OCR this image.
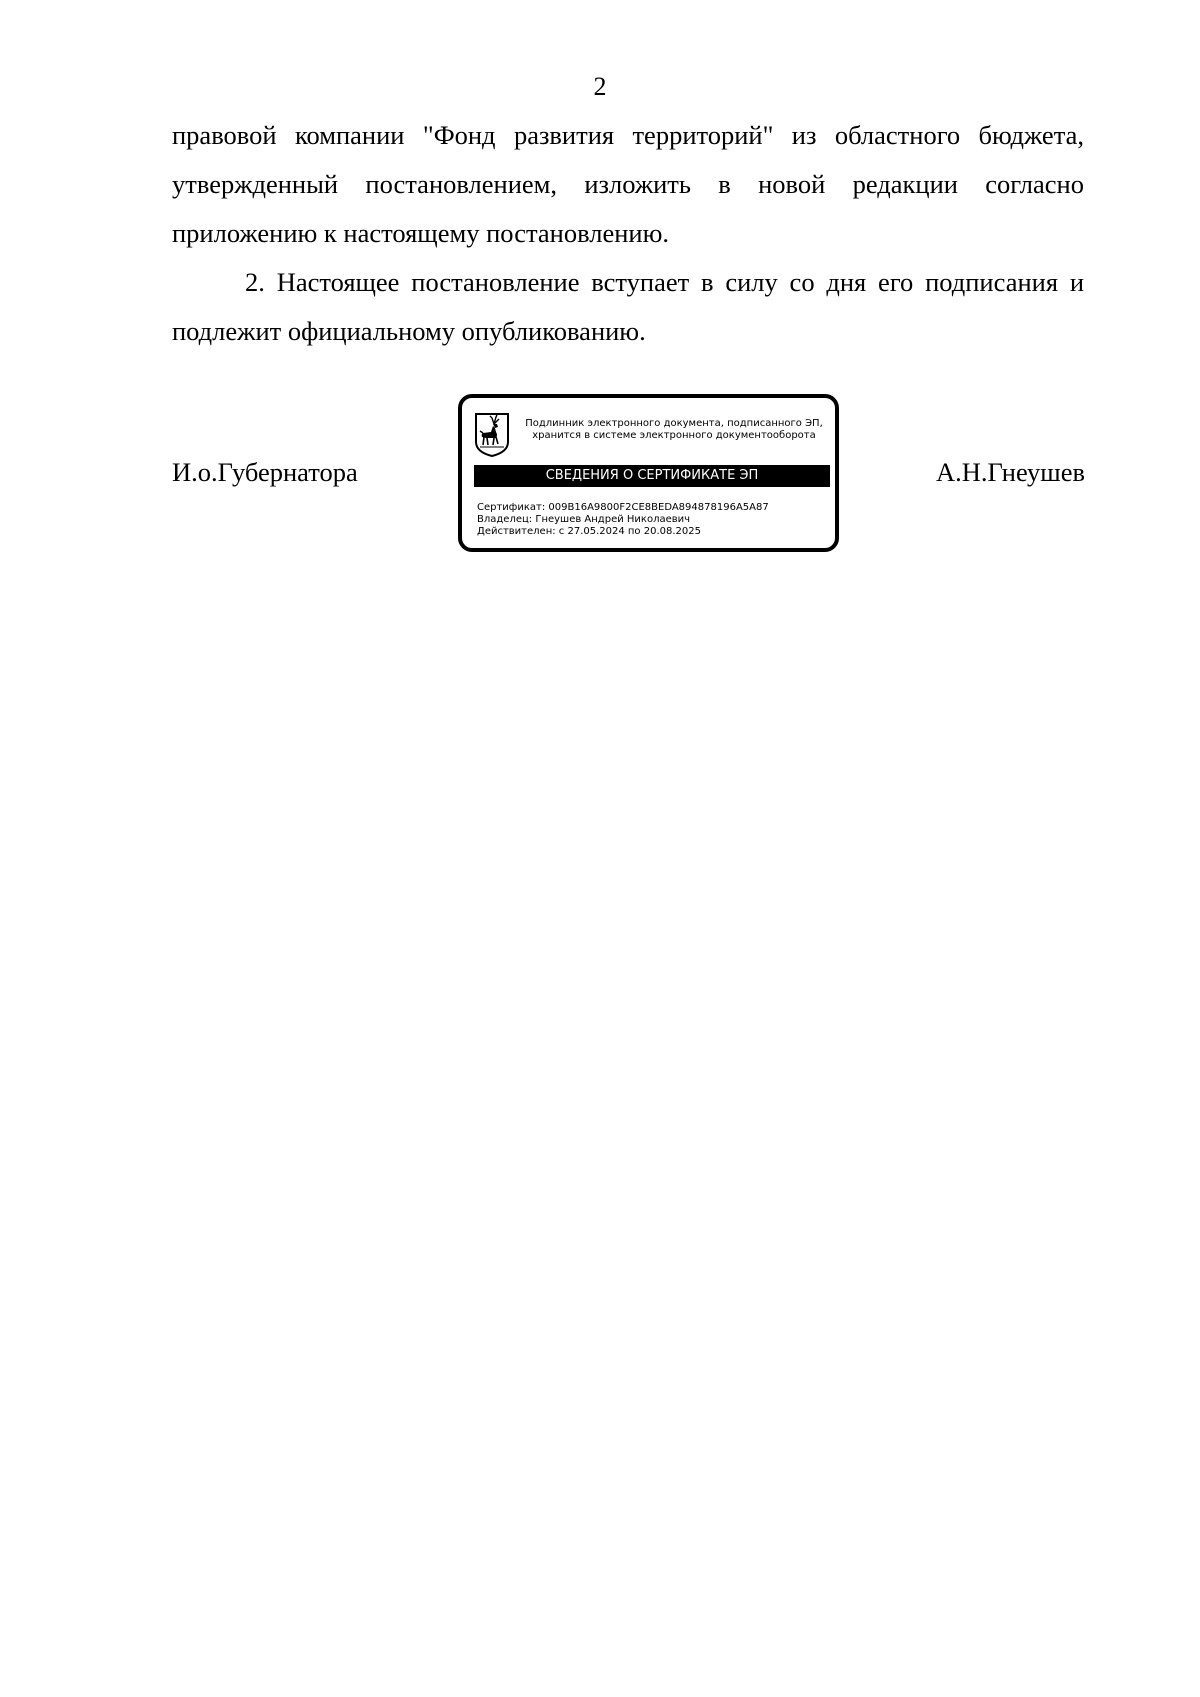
2

правовой компании "Фонд развития территорий" из областного бюджета, утвержденный постановлением, изложить в новой редакции согласно приложению к настоящему постановлению.

2. Настоящее постановление вступает в силу со дня его подписания и подлежит официальному опубликованию.

И.о.Губернатора
Подлинник электронного документа, подписанного ЭП,
хранится в системе электронного документооборота
СВЕДЕНИЯ О СЕРТИФИКАТЕ ЭП
Сертификат: 009B16A9800F2CE8BEDA894878196A5A87
Владелец: Гнеушев Андрей Николаевич
Действителен: с 27.05.2024 по 20.08.2025
А.Н.Гнеушев
